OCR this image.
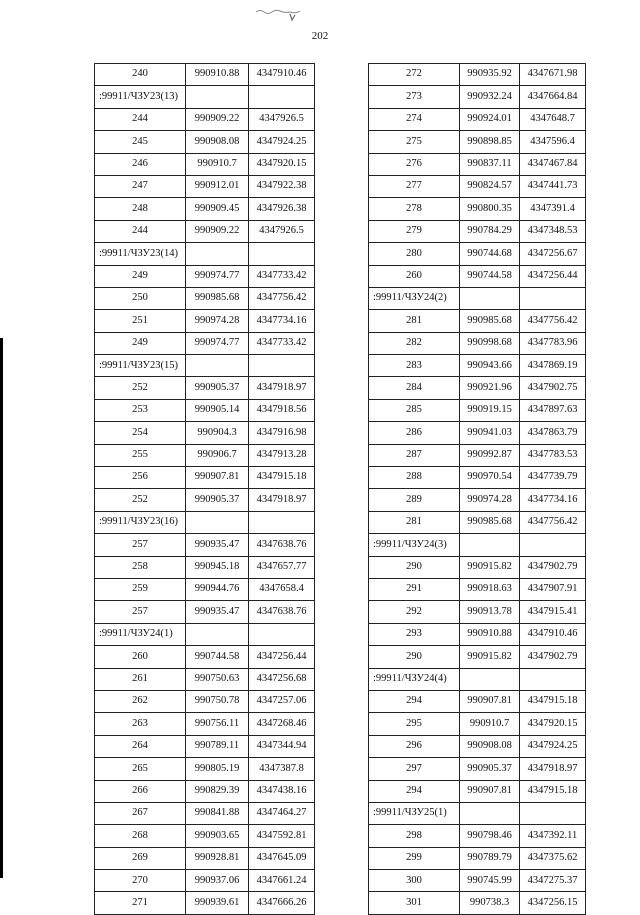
202
240	990910.88	4347910.46
:99911/ЧЗУ23(13)		
244	990909.22	4347926.5
245	990908.08	4347924.25
246	990910.7	4347920.15
247	990912.01	4347922.38
248	990909.45	4347926.38
244	990909.22	4347926.5
:99911/ЧЗУ23(14)		
249	990974.77	4347733.42
250	990985.68	4347756.42
251	990974.28	4347734.16
249	990974.77	4347733.42
:99911/ЧЗУ23(15)		
252	990905.37	4347918.97
253	990905.14	4347918.56
254	990904.3	4347916.98
255	990906.7	4347913.28
256	990907.81	4347915.18
252	990905.37	4347918.97
:99911/ЧЗУ23(16)		
257	990935.47	4347638.76
258	990945.18	4347657.77
259	990944.76	4347658.4
257	990935.47	4347638.76
:99911/ЧЗУ24(1)		
260	990744.58	4347256.44
261	990750.63	4347256.68
262	990750.78	4347257.06
263	990756.11	4347268.46
264	990789.11	4347344.94
265	990805.19	4347387.8
266	990829.39	4347438.16
267	990841.88	4347464.27
268	990903.65	4347592.81
269	990928.81	4347645.09
270	990937.06	4347661.24
271	990939.61	4347666.26
272	990935.92	4347671.98
273	990932.24	4347664.84
274	990924.01	4347648.7
275	990898.85	4347596.4
276	990837.11	4347467.84
277	990824.57	4347441.73
278	990800.35	4347391.4
279	990784.29	4347348.53
280	990744.68	4347256.67
260	990744.58	4347256.44
:99911/ЧЗУ24(2)		
281	990985.68	4347756.42
282	990998.68	4347783.96
283	990943.66	4347869.19
284	990921.96	4347902.75
285	990919.15	4347897.63
286	990941.03	4347863.79
287	990992.87	4347783.53
288	990970.54	4347739.79
289	990974.28	4347734.16
281	990985.68	4347756.42
:99911/ЧЗУ24(3)		
290	990915.82	4347902.79
291	990918.63	4347907.91
292	990913.78	4347915.41
293	990910.88	4347910.46
290	990915.82	4347902.79
:99911/ЧЗУ24(4)		
294	990907.81	4347915.18
295	990910.7	4347920.15
296	990908.08	4347924.25
297	990905.37	4347918.97
294	990907.81	4347915.18
:99911/ЧЗУ25(1)		
298	990798.46	4347392.11
299	990789.79	4347375.62
300	990745.99	4347275.37
301	990738.3	4347256.15
